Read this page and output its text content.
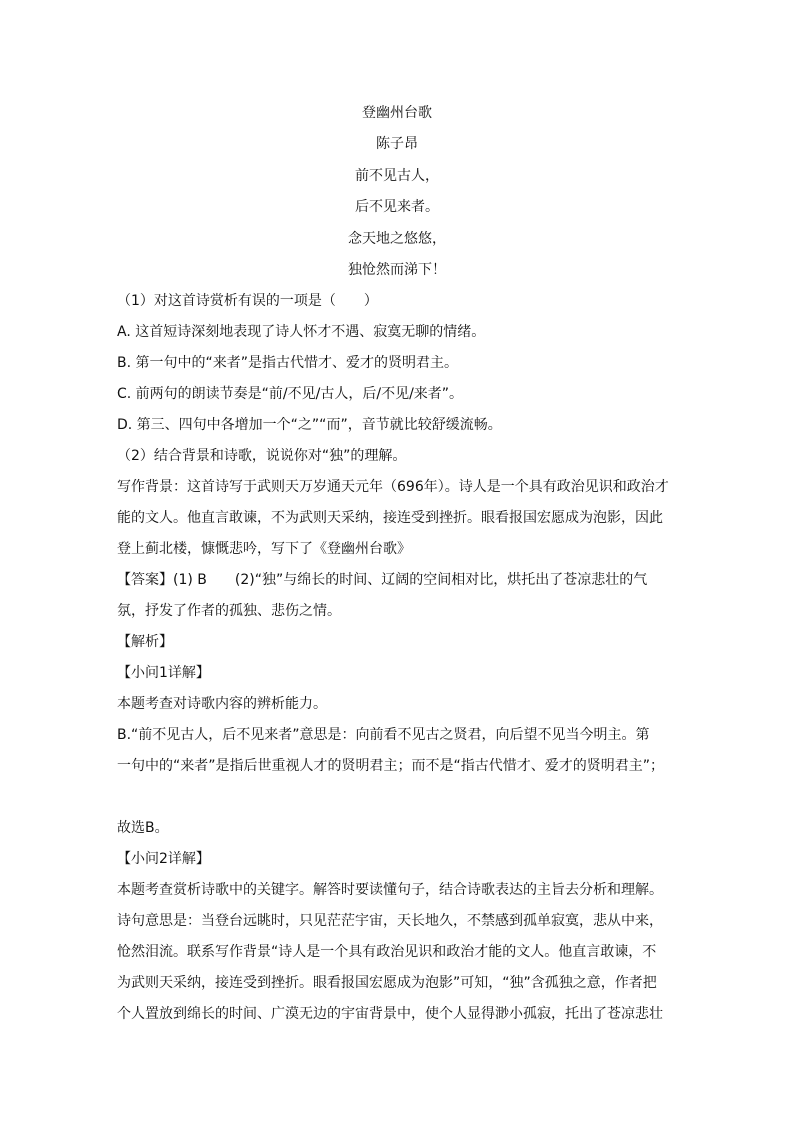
登幽州台歌
陈子昂
前不见古人，
后不见来者。
念天地之悠悠，
独怆然而涕下！
（1）对这首诗赏析有误的一项是（　　）
A. 这首短诗深刻地表现了诗人怀才不遇、寂寞无聊的情绪。
B. 第一句中的“来者”是指古代惜才、爱才的贤明君主。
C. 前两句的朗读节奏是“前/不见/古人，后/不见/来者”。
D. 第三、四句中各增加一个“之”“而”，音节就比较舒缓流畅。
（2）结合背景和诗歌，说说你对“独”的理解。
写作背景：这首诗写于武则天万岁通天元年（696年）。诗人是一个具有政治见识和政治才
能的文人。他直言敢谏，不为武则天采纳，接连受到挫折。眼看报国宏愿成为泡影，因此
登上蓟北楼，慷慨悲吟，写下了《登幽州台歌》
【答案】(1) B　　(2)“独”与绵长的时间、辽阔的空间相对比，烘托出了苍凉悲壮的气
氛，抒发了作者的孤独、悲伤之情。
【解析】
【小问1详解】
本题考查对诗歌内容的辨析能力。
B.“前不见古人，后不见来者”意思是：向前看不见古之贤君，向后望不见当今明主。第
一句中的“来者”是指后世重视人才的贤明君主；而不是“指古代惜才、爱才的贤明君主”；
故选B。
【小问2详解】
本题考查赏析诗歌中的关键字。解答时要读懂句子，结合诗歌表达的主旨去分析和理解。
诗句意思是：当登台远眺时，只见茫茫宇宙，天长地久，不禁感到孤单寂寞，悲从中来，
怆然泪流。联系写作背景“诗人是一个具有政治见识和政治才能的文人。他直言敢谏，不
为武则天采纳，接连受到挫折。眼看报国宏愿成为泡影”可知，“独”含孤独之意，作者把
个人置放到绵长的时间、广漠无边的宇宙背景中，使个人显得渺小孤寂，托出了苍凉悲壮
